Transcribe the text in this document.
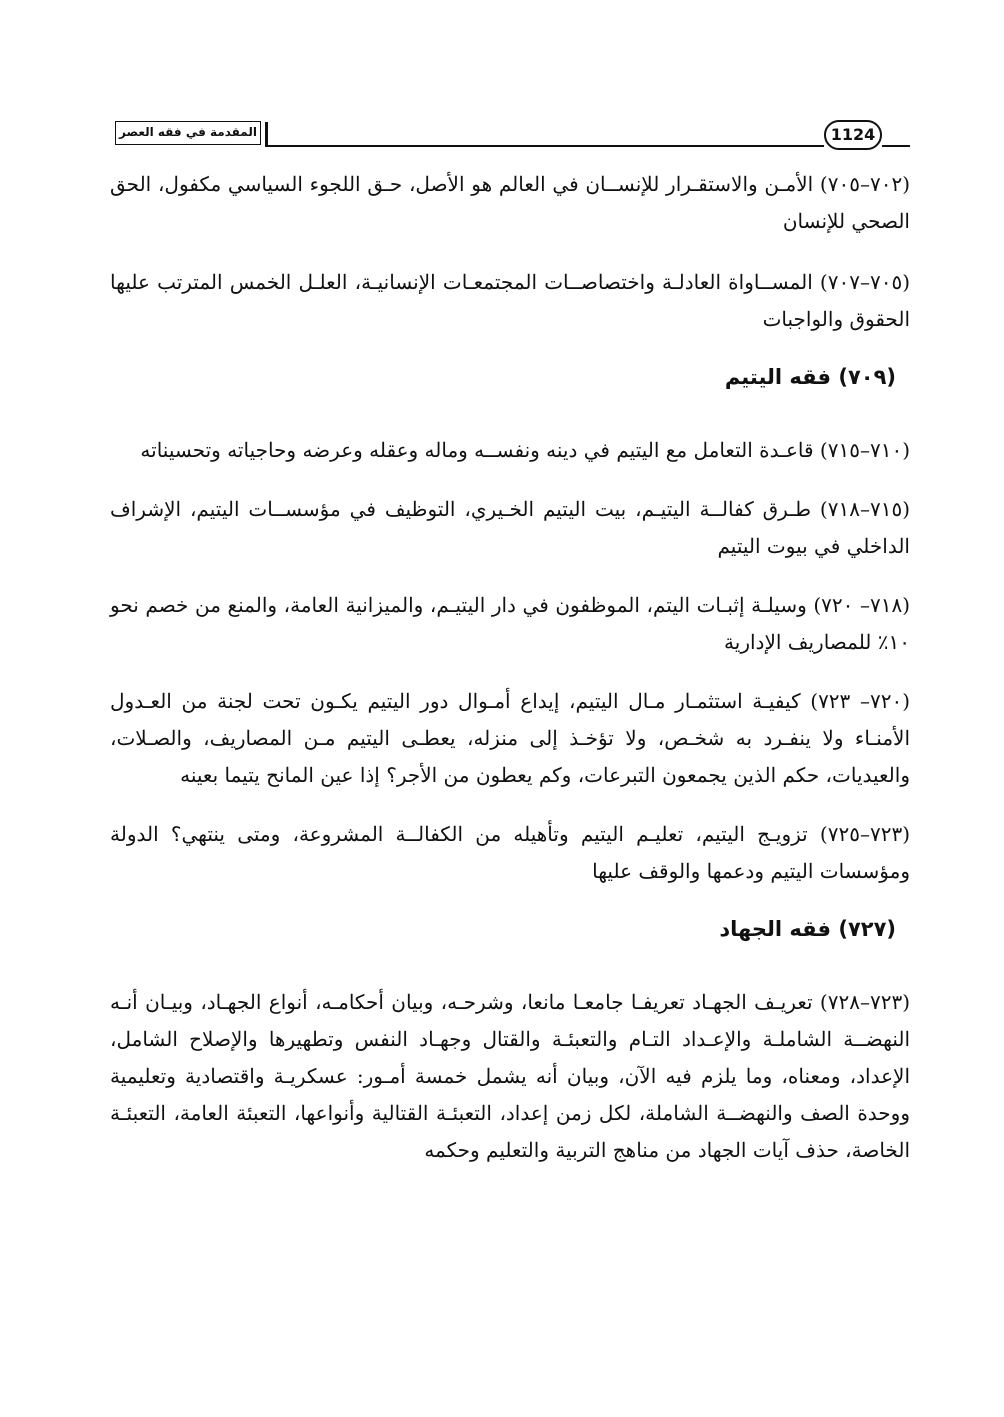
المقدمة في فقه العصر	1124

(٧٠٢–٧٠٥) الأمـن والاستقـرار للإنســان في العالم هو الأصل، حـق اللجوء السياسي مكفول، الحق الصحي للإنسان

(٧٠٥–٧٠٧) المســاواة العادلـة واختصاصــات المجتمعـات الإنسانيـة، العلـل الخمس المترتب عليها الحقوق والواجبات

(٧٠٩) فقه اليتيم

(٧١٠–٧١٥) قاعـدة التعامل مع اليتيم في دينه ونفســه وماله وعقله وعرضه وحاجياته وتحسيناته

(٧١٥–٧١٨) طـرق كفالــة اليتيـم، بيت اليتيم الخـيري، التوظيف في مؤسســات اليتيم، الإشراف الداخلي في بيوت اليتيم

(٧١٨– ٧٢٠) وسيلـة إثبـات اليتم، الموظفون في دار اليتيـم، والميزانية العامة، والمنع من خصم نحو ١٠٪ للمصاريف الإدارية

(٧٢٠– ٧٢٣) كيفيـة استثمـار مـال اليتيم، إيداع أمـوال دور اليتيم يكـون تحت لجنة من العـدول الأمنـاء ولا ينفـرد به شخـص، ولا تؤخـذ إلى منزله، يعطـى اليتيم مـن المصاريف، والصـلات، والعيديات، حكم الذين يجمعون التبرعات، وكم يعطون من الأجر؟ إذا عين المانح يتيما بعينه

(٧٢٣–٧٢٥) تزويـج اليتيم، تعليـم اليتيم وتأهيله من الكفالــة المشروعة، ومتى ينتهي؟ الدولة ومؤسسات اليتيم ودعمها والوقف عليها

(٧٢٧) فقه الجهاد

(٧٢٣–٧٢٨) تعريـف الجهـاد تعريفـا جامعـا مانعا، وشرحـه، وبيان أحكامـه، أنواع الجهـاد، وبيـان أنـه النهضــة الشاملـة والإعـداد التـام والتعبئـة والقتال وجهـاد النفس وتطهيرها والإصلاح الشامل، الإعداد، ومعناه، وما يلزم فيه الآن، وبيان أنه يشمل خمسة أمـور: عسكريـة واقتصادية وتعليمية ووحدة الصف والنهضــة الشاملة، لكل زمن إعداد، التعبئـة القتالية وأنواعها، التعبئة العامة، التعبئـة الخاصة، حذف آيات الجهاد من مناهج التربية والتعليم وحكمه
